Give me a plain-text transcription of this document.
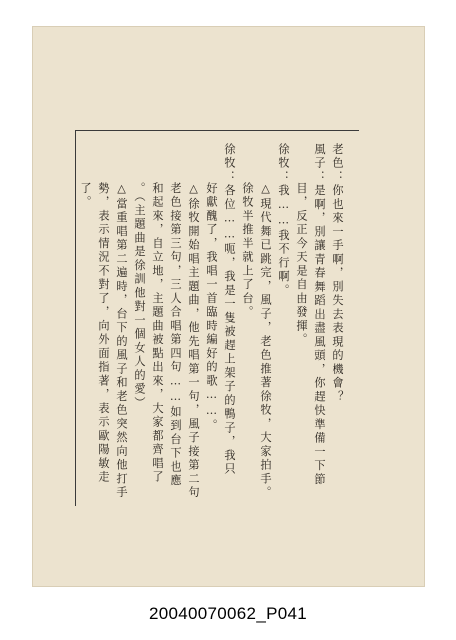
老色：你也來一手啊，別失去表現的機會？
風子：是啊，別讓青春舞蹈出盡風頭，你趕快準備一下節
目，反正今天是自由發揮。
徐牧：我……我不行啊。
△現代舞已跳完，風子，老色推著徐牧，大家拍手。
徐牧半推半就上了台。
徐牧：各位……呃，我是一隻被趕上架子的鴨子，我只
好獻醜了，我唱一首臨時編好的歌……。
△徐牧開始唱主題曲，他先唱第一句，風子接第二句
老色接第三句，三人合唱第四句……如到台下也應
和起來，自立地，主題曲被點出來，大家都齊唱了
。（主題曲是徐訓他對一個女人的愛）
△當重唱第二遍時，台下的風子和老色突然向他打手
勢，表示情況不對了，向外面指著，表示歐陽敏走
了。
20040070062_P041
